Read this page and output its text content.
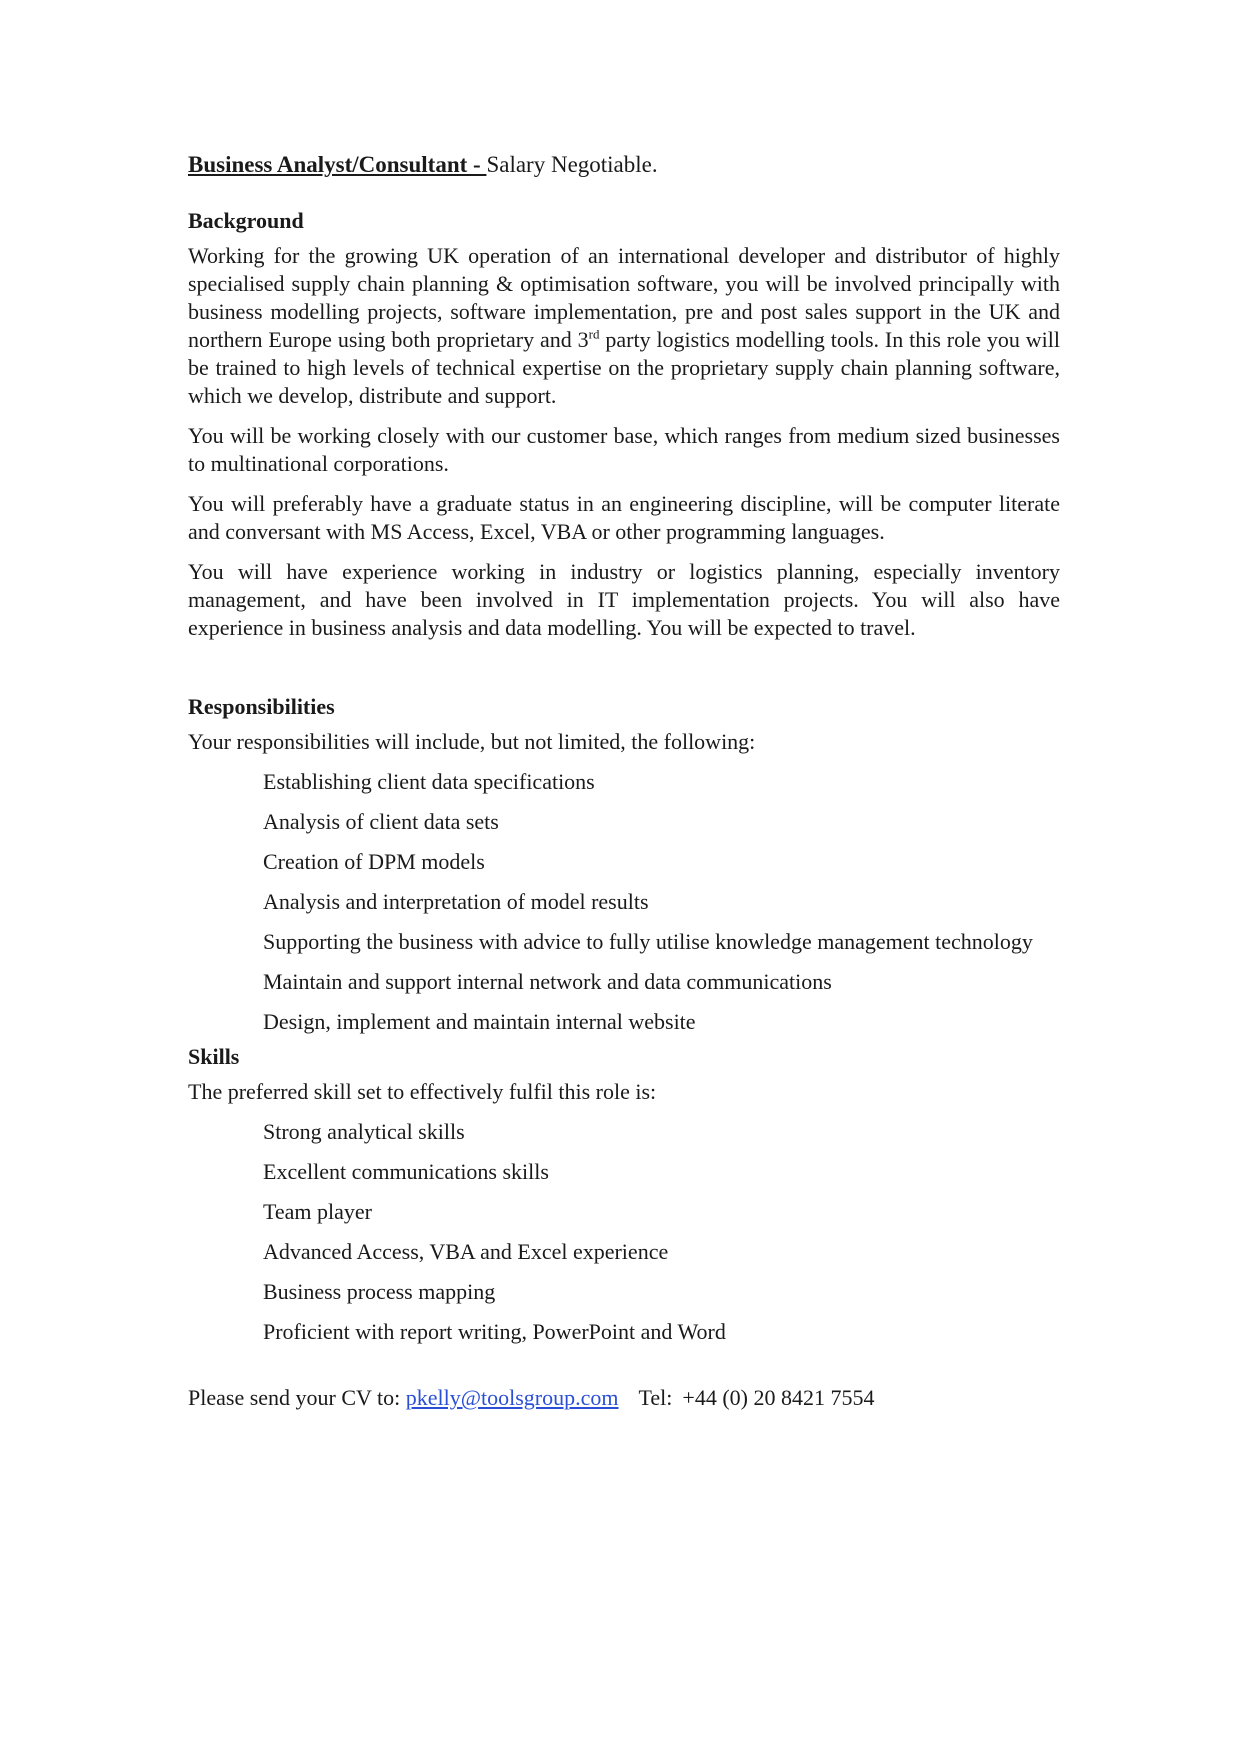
Business Analyst/Consultant - Salary Negotiable.

Background

Working for the growing UK operation of an international developer and distributor of highly specialised supply chain planning & optimisation software, you will be involved principally with business modelling projects, software implementation, pre and post sales support in the UK and northern Europe using both proprietary and 3rd party logistics modelling tools. In this role you will be trained to high levels of technical expertise on the proprietary supply chain planning software, which we develop, distribute and support.

You will be working closely with our customer base, which ranges from medium sized businesses to multinational corporations.

You will preferably have a graduate status in an engineering discipline, will be computer literate and conversant with MS Access, Excel, VBA or other programming languages.

You will have experience working in industry or logistics planning, especially inventory management, and have been involved in IT implementation projects. You will also have experience in business analysis and data modelling. You will be expected to travel.

Responsibilities

Your responsibilities will include, but not limited, the following:

Establishing client data specifications
Analysis of client data sets
Creation of DPM models
Analysis and interpretation of model results
Supporting the business with advice to fully utilise knowledge management technology
Maintain and support internal network and data communications
Design, implement and maintain internal website
Skills

The preferred skill set to effectively fulfil this role is:

Strong analytical skills
Excellent communications skills
Team player
Advanced Access, VBA and Excel experience
Business process mapping
Proficient with report writing, PowerPoint and Word

Please send your CV to: pkelly@toolsgroup.com Tel: +44 (0) 20 8421 7554
